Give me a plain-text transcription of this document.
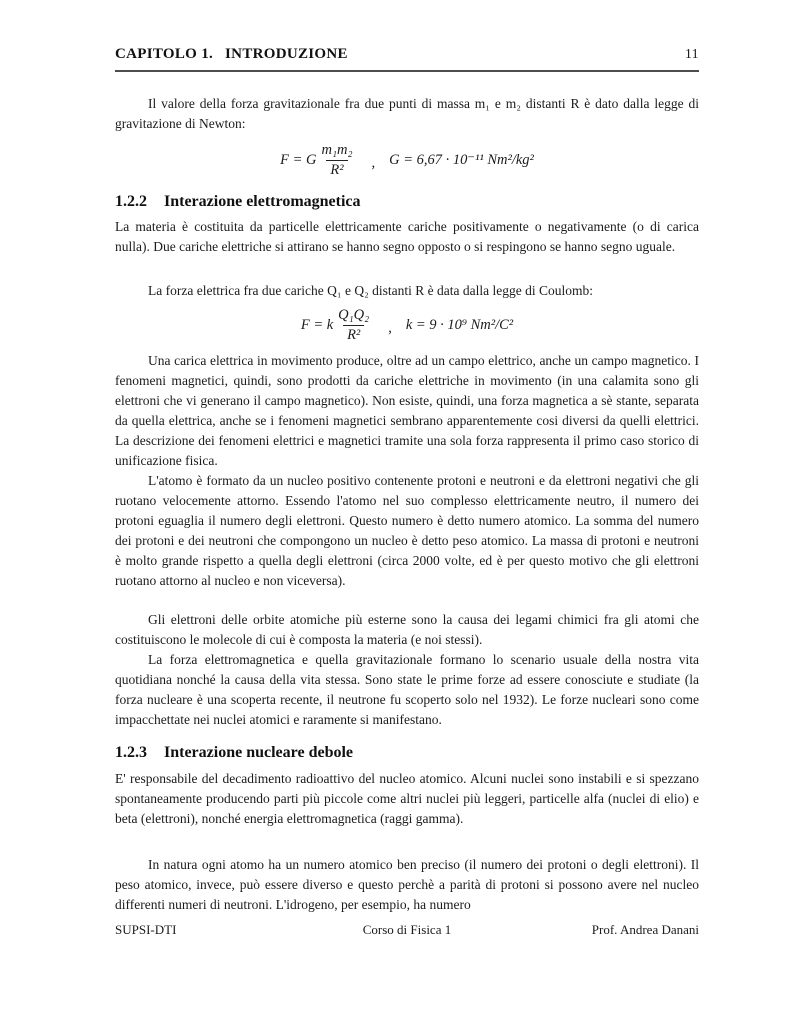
CAPITOLO 1. INTRODUZIONE	11

Il valore della forza gravitazionale fra due punti di massa m₁ e m₂ distanti R è dato dalla legge di gravitazione di Newton:

F = G $\frac{\text{m₁m₂}}{\text{R²}}$ , G = 6,67 · 10⁻¹¹ Nm²/kg²
1.2.2 Interazione elettromagnetica

La materia è costituita da particelle elettricamente cariche positivamente o negativamente (o di carica nulla). Due cariche elettriche si attirano se hanno segno opposto o si respingono se hanno segno uguale.

La forza elettrica fra due cariche Q₁ e Q₂ distanti R è data dalla legge di Coulomb:

F = k $\frac{\text{Q₁Q₂}}{\text{R²}}$ , k = 9 · 10⁹ Nm²/C²

Una carica elettrica in movimento produce, oltre ad un campo elettrico, anche un campo magnetico. I fenomeni magnetici, quindi, sono prodotti da cariche elettriche in movimento (in una calamita sono gli elettroni che vi generano il campo magnetico). Non esiste, quindi, una forza magnetica a sè stante, separata da quella elettrica, anche se i fenomeni magnetici sembrano apparentemente cosi diversi da quelli elettrici. La descrizione dei fenomeni elettrici e magnetici tramite una sola forza rappresenta il primo caso storico di unificazione fisica.

L'atomo è formato da un nucleo positivo contenente protoni e neutroni e da elettroni negativi che gli ruotano velocemente attorno. Essendo l'atomo nel suo complesso elettricamente neutro, il numero dei protoni eguaglia il numero degli elettroni. Questo numero è detto numero atomico. La somma del numero dei protoni e dei neutroni che compongono un nucleo è detto peso atomico. La massa di protoni e neutroni è molto grande rispetto a quella degli elettroni (circa 2000 volte, ed è per questo motivo che gli elettroni ruotano attorno al nucleo e non viceversa).

Gli elettroni delle orbite atomiche più esterne sono la causa dei legami chimici fra gli atomi che costituiscono le molecole di cui è composta la materia (e noi stessi).

La forza elettromagnetica e quella gravitazionale formano lo scenario usuale della nostra vita quotidiana nonché la causa della vita stessa. Sono state le prime forze ad essere conosciute e studiate (la forza nucleare è una scoperta recente, il neutrone fu scoperto solo nel 1932). Le forze nucleari sono come impacchettate nei nuclei atomici e raramente si manifestano.

1.2.3 Interazione nucleare debole

E' responsabile del decadimento radioattivo del nucleo atomico. Alcuni nuclei sono instabili e si spezzano spontaneamente producendo parti più piccole come altri nuclei più leggeri, particelle alfa (nuclei di elio) e beta (elettroni), nonché energia elettromagnetica (raggi gamma).

In natura ogni atomo ha un numero atomico ben preciso (il numero dei protoni o degli elettroni). Il peso atomico, invece, può essere diverso e questo perchè a parità di protoni si possono avere nel nucleo differenti numeri di neutroni. L'idrogeno, per esempio, ha numero

SUPSI-DTI	Corso di Fisica 1	Prof. Andrea Danani
